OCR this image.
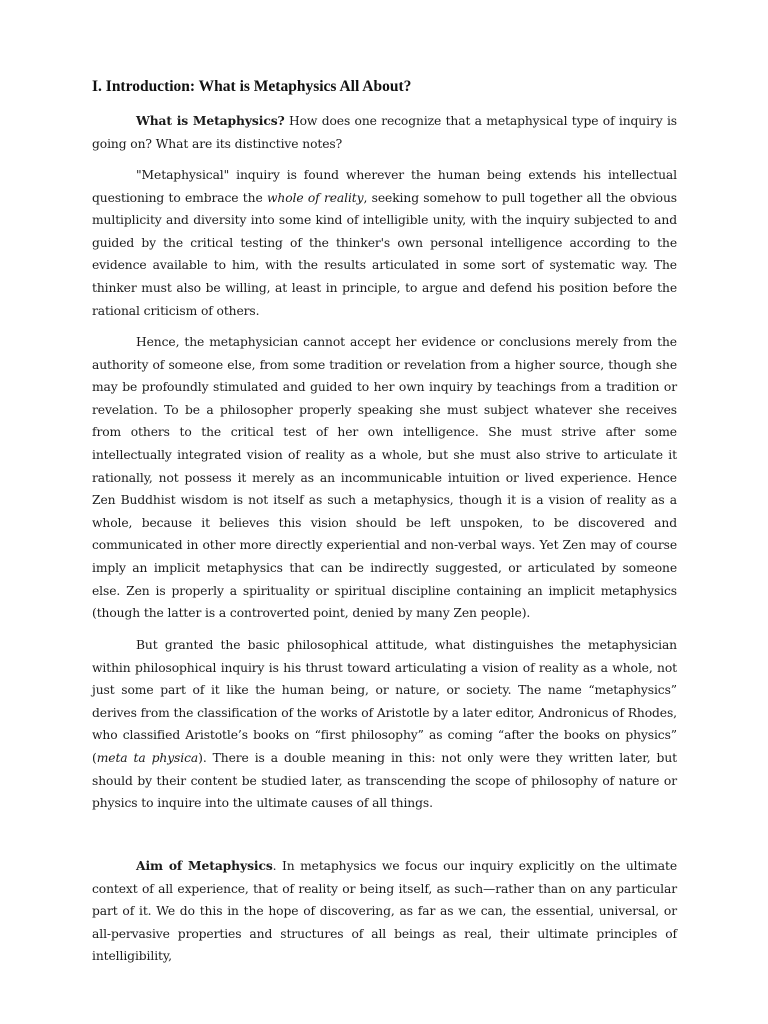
I. Introduction: What is Metaphysics All About?

What is Metaphysics? How does one recognize that a metaphysical type of inquiry is going on? What are its distinctive notes?

"Metaphysical" inquiry is found wherever the human being extends his intellectual questioning to embrace the whole of reality, seeking somehow to pull together all the obvious multiplicity and diversity into some kind of intelligible unity, with the inquiry subjected to and guided by the critical testing of the thinker's own personal intelligence according to the evidence available to him, with the results articulated in some sort of systematic way. The thinker must also be willing, at least in principle, to argue and defend his position before the rational criticism of others.

Hence, the metaphysician cannot accept her evidence or conclusions merely from the authority of someone else, from some tradition or revelation from a higher source, though she may be profoundly stimulated and guided to her own inquiry by teachings from a tradition or revelation. To be a philosopher properly speaking she must subject whatever she receives from others to the critical test of her own intelligence. She must strive after some intellectually integrated vision of reality as a whole, but she must also strive to articulate it rationally, not possess it merely as an incommunicable intuition or lived experience. Hence Zen Buddhist wisdom is not itself as such a metaphysics, though it is a vision of reality as a whole, because it believes this vision should be left unspoken, to be discovered and communicated in other more directly experiential and non-verbal ways. Yet Zen may of course imply an implicit metaphysics that can be indirectly suggested, or articulated by someone else. Zen is properly a spirituality or spiritual discipline containing an implicit metaphysics (though the latter is a controverted point, denied by many Zen people).

But granted the basic philosophical attitude, what distinguishes the metaphysician within philosophical inquiry is his thrust toward articulating a vision of reality as a whole, not just some part of it like the human being, or nature, or society. The name “metaphysics” derives from the classification of the works of Aristotle by a later editor, Andronicus of Rhodes, who classified Aristotle’s books on “first philosophy” as coming “after the books on physics” (meta ta physica). There is a double meaning in this: not only were they written later, but should by their content be studied later, as transcending the scope of philosophy of nature or physics to inquire into the ultimate causes of all things.

Aim of Metaphysics. In metaphysics we focus our inquiry explicitly on the ultimate context of all experience, that of reality or being itself, as such—rather than on any particular part of it. We do this in the hope of discovering, as far as we can, the essential, universal, or all-pervasive properties and structures of all beings as real, their ultimate principles of intelligibility,
